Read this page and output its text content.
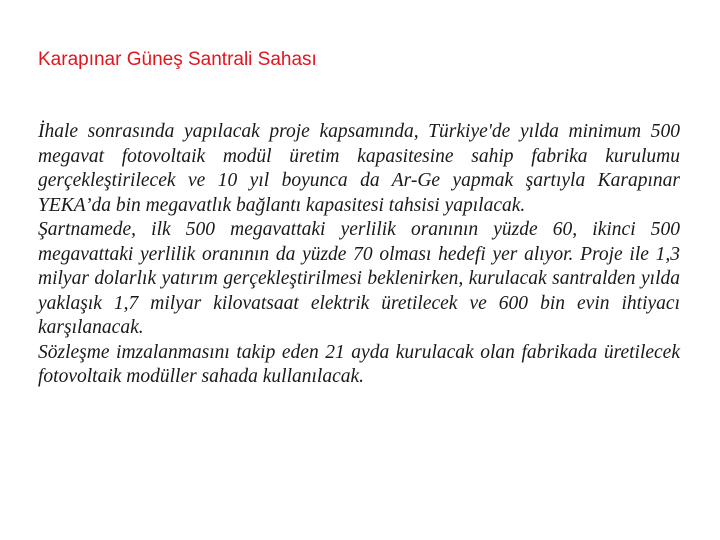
Karapınar Güneş Santrali Sahası

İhale sonrasında yapılacak proje kapsamında, Türkiye'de yılda minimum 500 megavat fotovoltaik modül üretim kapasitesine sahip fabrika kurulumu gerçekleştirilecek ve 10 yıl boyunca da Ar-Ge yapmak şartıyla Karapınar YEKA’da bin megavatlık bağlantı kapasitesi tahsisi yapılacak.

Şartnamede, ilk 500 megavattaki yerlilik oranının yüzde 60, ikinci 500 megavattaki yerlilik oranının da yüzde 70 olması hedefi yer alıyor. Proje ile 1,3 milyar dolarlık yatırım gerçekleştirilmesi beklenirken, kurulacak santralden yılda yaklaşık 1,7 milyar kilovatsaat elektrik üretilecek ve 600 bin evin ihtiyacı karşılanacak.

Sözleşme imzalanmasını takip eden 21 ayda kurulacak olan fabrikada üretilecek fotovoltaik modüller sahada kullanılacak.
